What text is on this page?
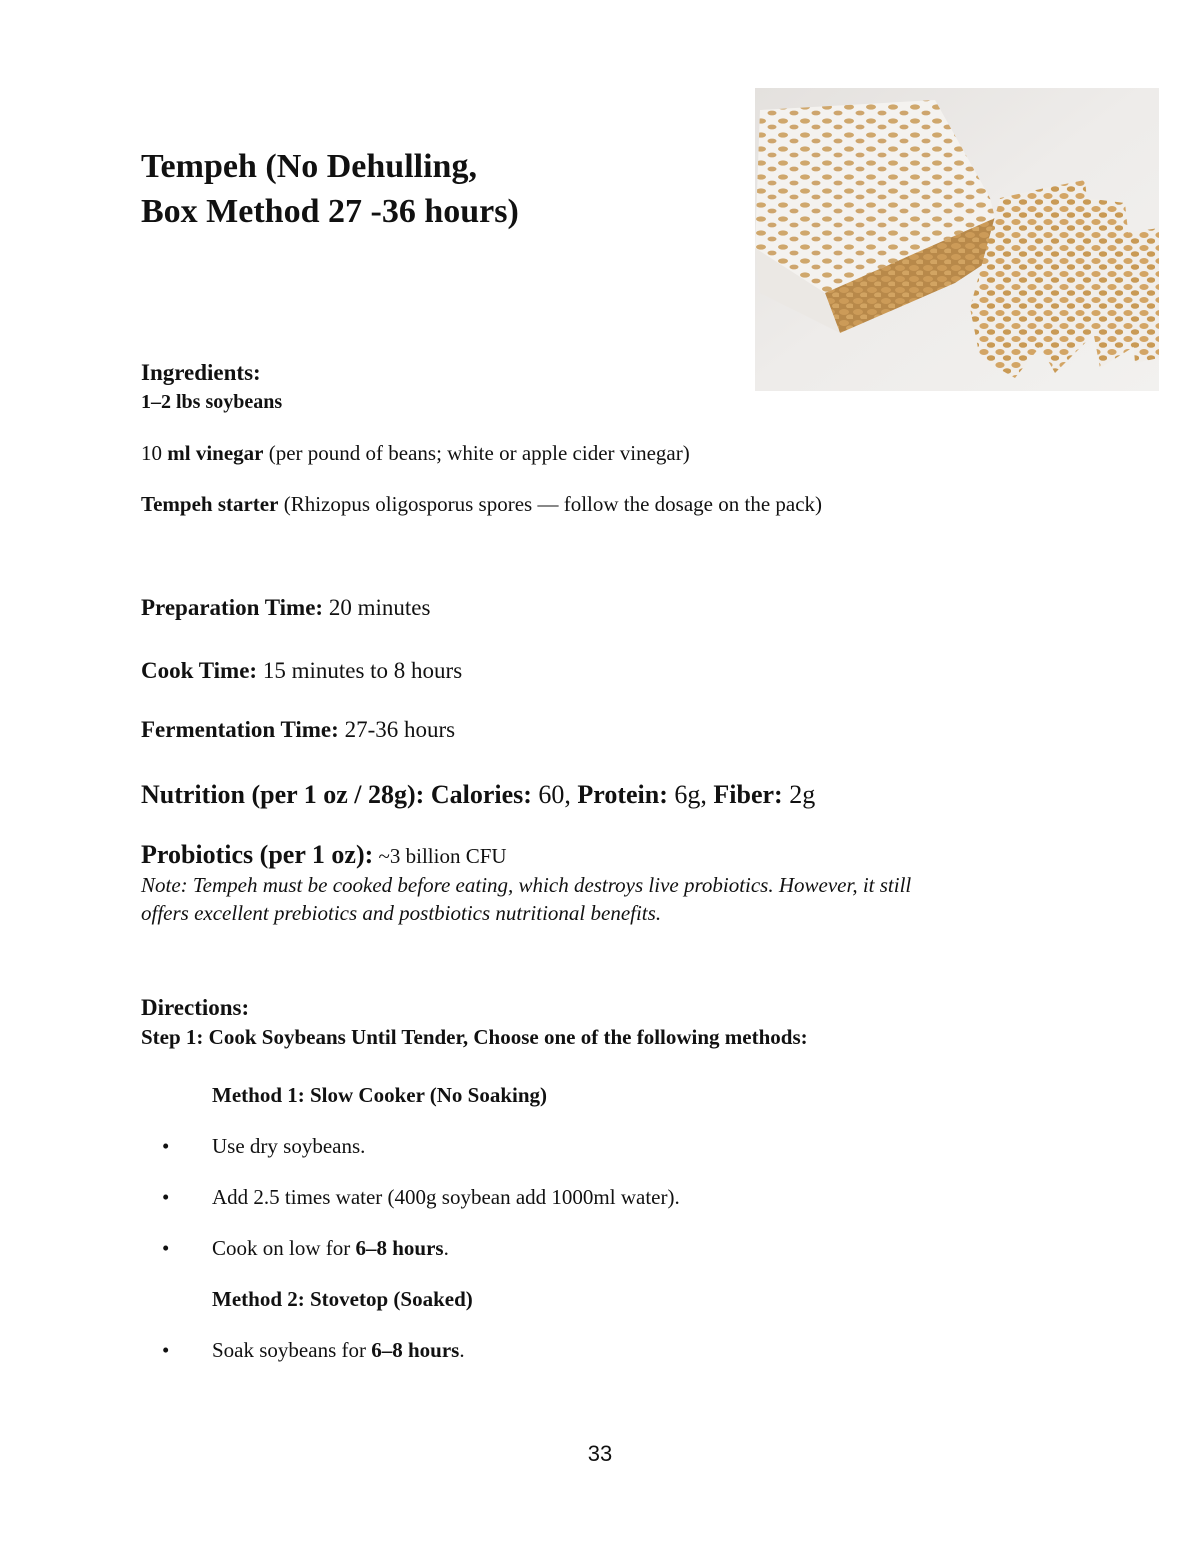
Tempeh (No Dehulling,
Box Method 27 -36 hours)
Ingredients:
1–2 lbs soybeans
10 ml vinegar (per pound of beans; white or apple cider vinegar)
Tempeh starter (Rhizopus oligosporus spores — follow the dosage on the pack)
Preparation Time: 20 minutes
Cook Time: 15 minutes to 8 hours
Fermentation Time: 27-36 hours
Nutrition (per 1 oz / 28g): Calories: 60, Protein: 6g, Fiber: 2g
Probiotics (per 1 oz): ~3 billion CFU
Note: Tempeh must be cooked before eating, which destroys live probiotics. However, it still
offers excellent prebiotics and postbiotics nutritional benefits.
Directions:
Step 1: Cook Soybeans Until Tender, Choose one of the following methods:
Method 1: Slow Cooker (No Soaking)
• Use dry soybeans.
• Add 2.5 times water (400g soybean add 1000ml water).
• Cook on low for 6–8 hours.
Method 2: Stovetop (Soaked)
• Soak soybeans for 6–8 hours.
33
